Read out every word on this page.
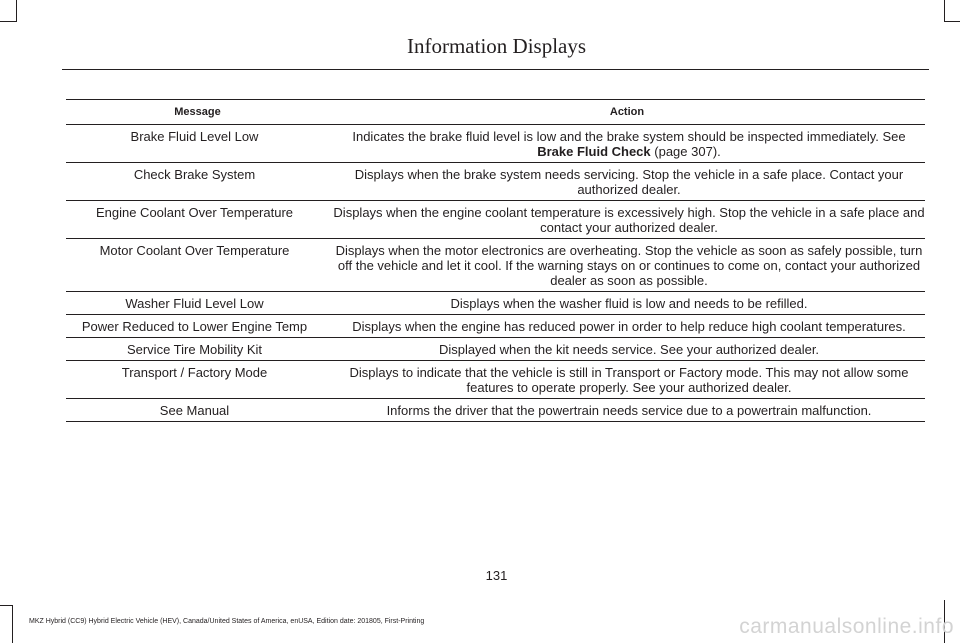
Information Displays
Message	Action
Brake Fluid Level Low	Indicates the brake fluid level is low and the brake system should be inspected immediately. See Brake Fluid Check (page 307).
Check Brake System	Displays when the brake system needs servicing. Stop the vehicle in a safe place. Contact your authorized dealer.
Engine Coolant Over Temperature	Displays when the engine coolant temperature is excessively high. Stop the vehicle in a safe place and contact your authorized dealer.
Motor Coolant Over Temperature	Displays when the motor electronics are overheating. Stop the vehicle as soon as safely possible, turn off the vehicle and let it cool. If the warning stays on or continues to come on, contact your authorized dealer as soon as possible.
Washer Fluid Level Low	Displays when the washer fluid is low and needs to be refilled.
Power Reduced to Lower Engine Temp	Displays when the engine has reduced power in order to help reduce high coolant temperatures.
Service Tire Mobility Kit	Displayed when the kit needs service. See your authorized dealer.
Transport / Factory Mode	Displays to indicate that the vehicle is still in Transport or Factory mode. This may not allow some features to operate properly. See your authorized dealer.
See Manual	Informs the driver that the powertrain needs service due to a powertrain malfunction.
131
MKZ Hybrid (CC9) Hybrid Electric Vehicle (HEV), Canada/United States of America, enUSA, Edition date: 201805, First-Printing	carmanualsonline.info
